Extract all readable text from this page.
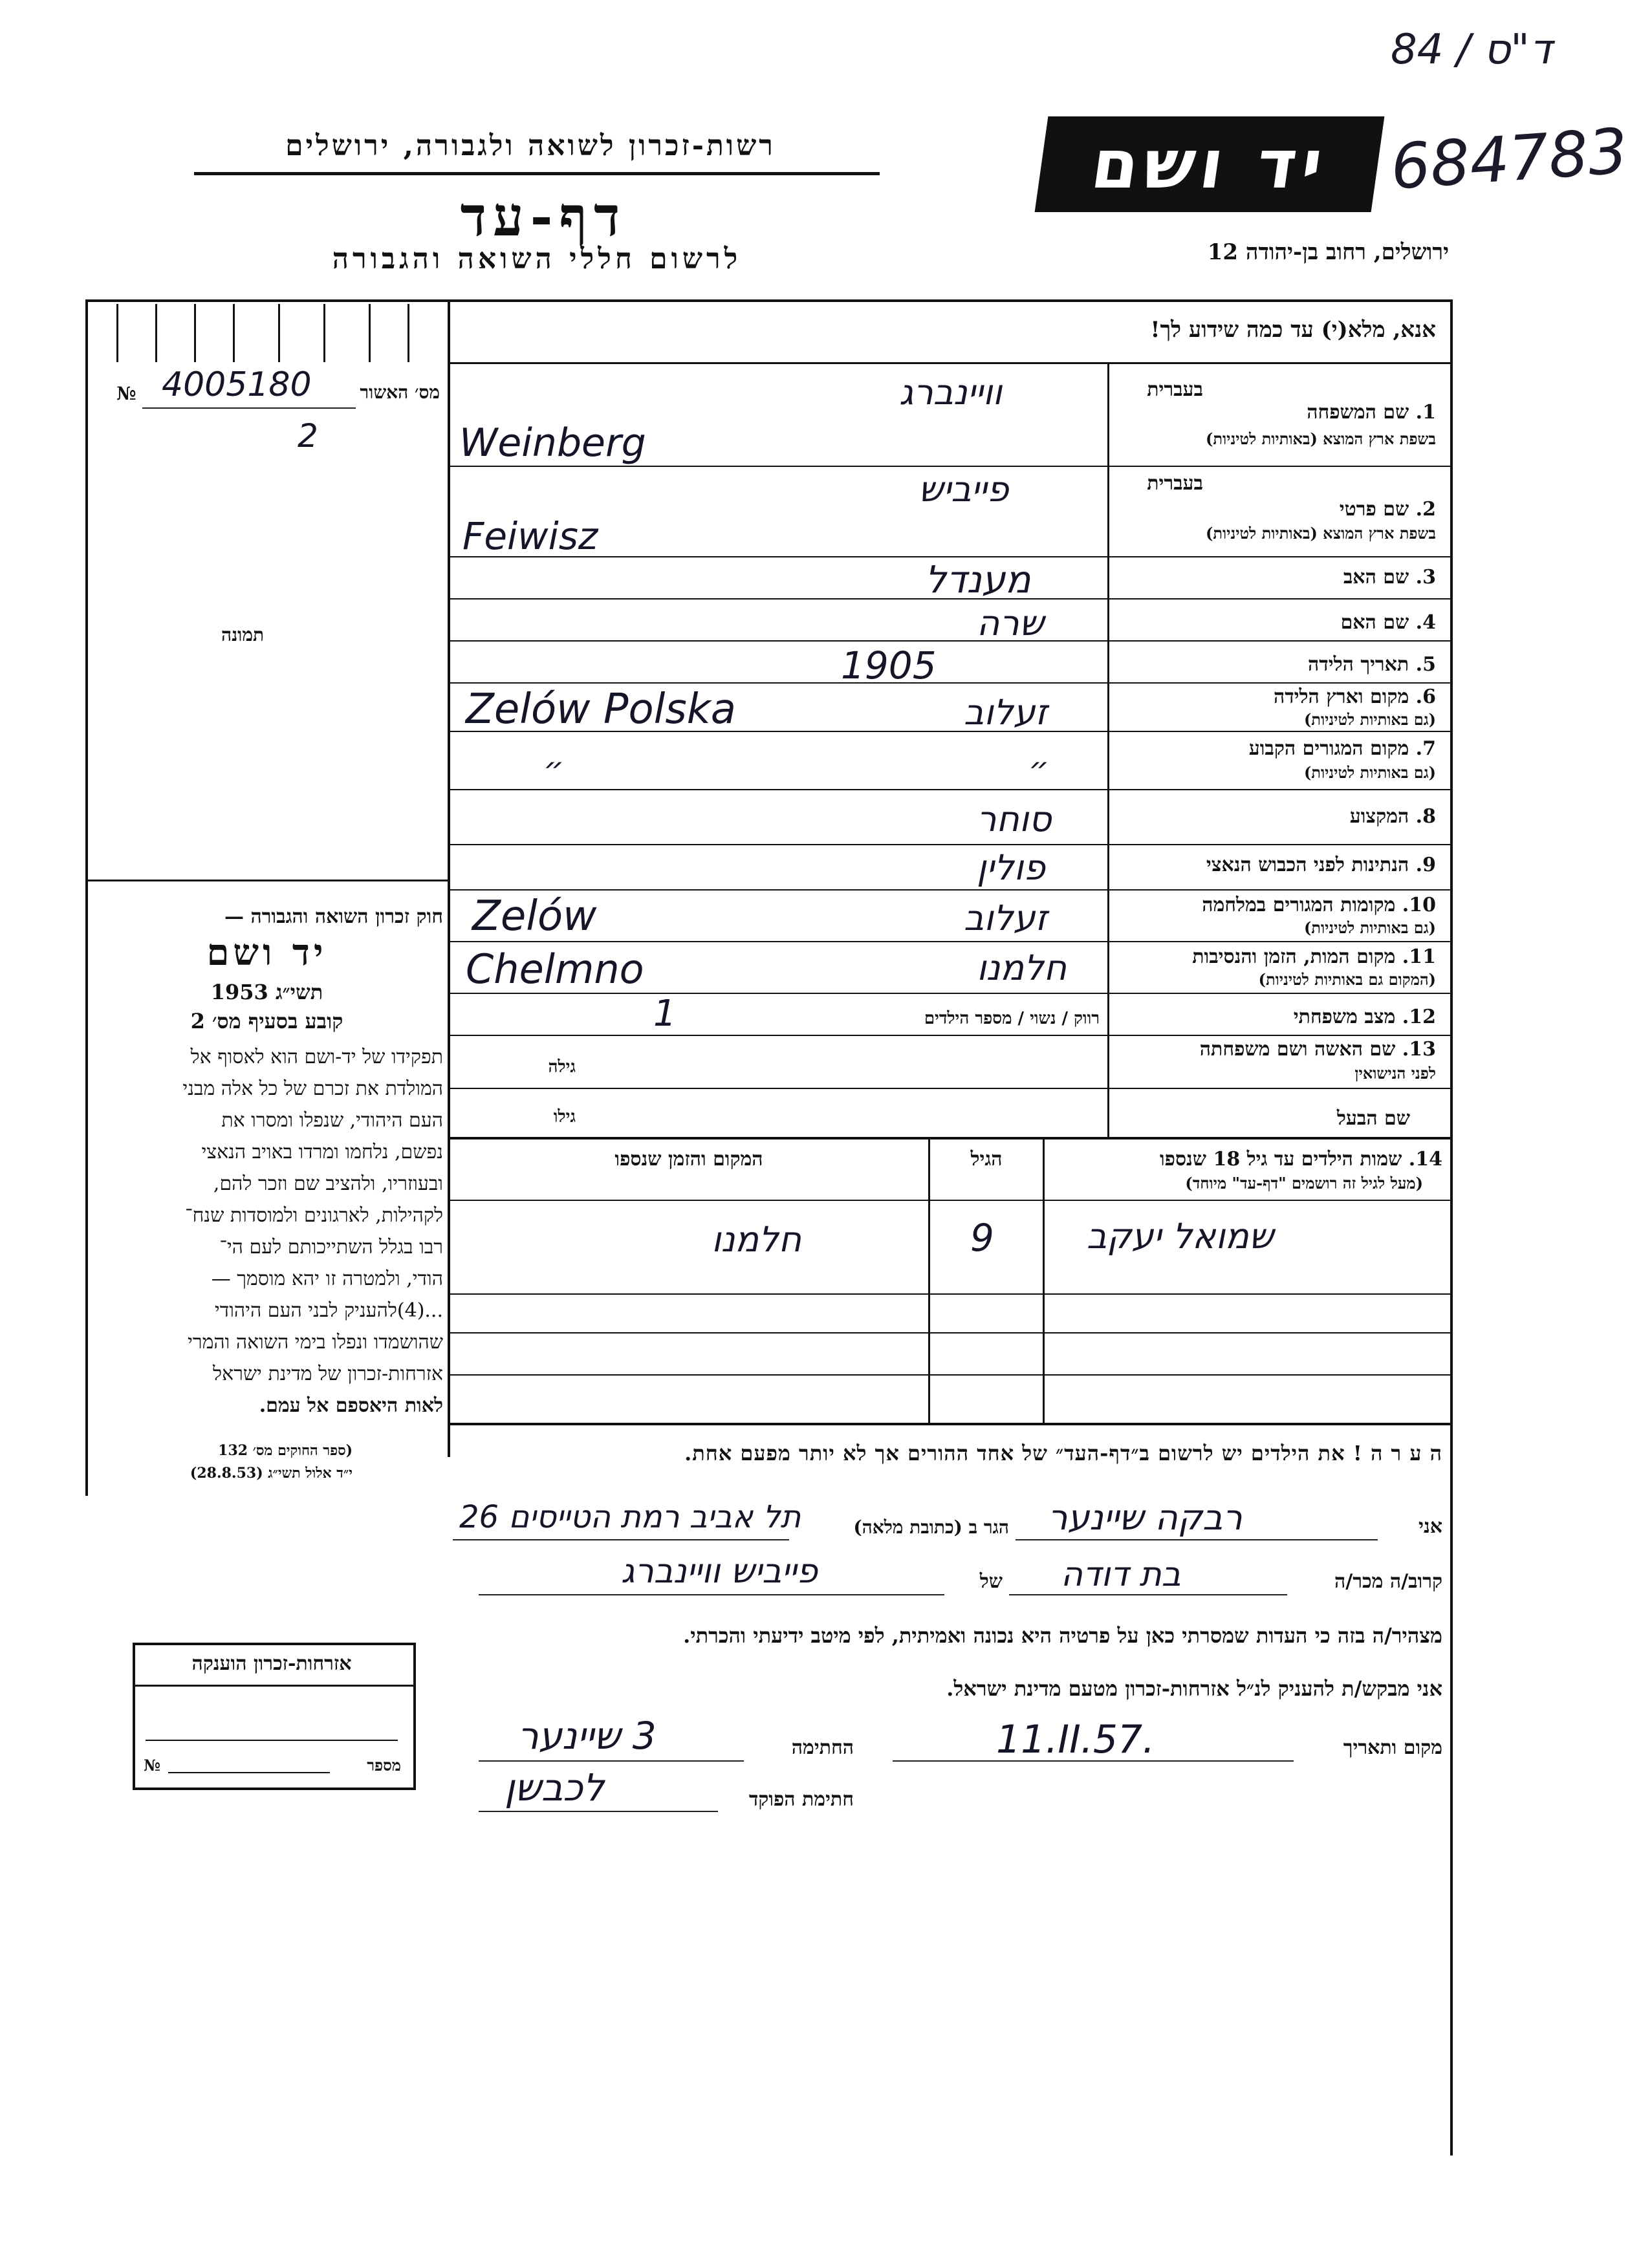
84 / ד"ס
684783
רשות-זכרון לשואה ולגבורה, ירושלים
דף-עד
לרשום חללי השואה והגבורה
יד ושם
ירושלים, רחוב בן-יהודה 12
מס׳ האשור
№ 4005180
2
תמונה
חוק זכרון השואה והגבורה —
יד ושם
תשי״ג 1953
קובע בסעיף מס׳ 2
תפקידו של יד-ושם הוא לאסוף אל
המולדת את זכרם של כל אלה מבני
העם היהודי, שנפלו ומסרו את
נפשם, נלחמו ומרדו באויב הנאצי
ובעוזריו, ולהציב שם וזכר להם,
לקהילות, לארגונים ולמוסדות שנח־
רבו בגלל השתייכותם לעם הי־
הודי, ולמטרה זו יהא מוסמך —
...(4)להעניק לבני העם היהודי
שהושמדו ונפלו בימי השואה והמרי
אזרחות-זכרון של מדינת ישראל
לאות היאספם אל עמם.
(ספר החוקים מס׳ 132
י״ד אלול תשי״ג (28.8.53)
אזרחות-זכרון הוענקה
מספר
№
אנא, מלא(י) עד כמה שידוע לך!
בעברית
1. שם המשפחה
בשפת ארץ המוצא (באותיות לטיניות)
וויינברג
Weinberg
בעברית
2. שם פרטי
בשפת ארץ המוצא (באותיות לטיניות)
פייביש
Feiwisz
3. שם האב
מענדל
4. שם האם
שרה
5. תאריך הלידה
1905
6. מקום וארץ הלידה
(גם באותיות לטיניות)
זעלוב
Zelów Polska
7. מקום המגורים הקבוע
(גם באותיות לטיניות)
״
״
8. המקצוע
סוחר
9. הנתינות לפני הכבוש הנאצי
פולין
10. מקומות המגורים במלחמה
(גם באותיות לטיניות)
זעלוב
Zelów
11. מקום המות, הזמן והנסיבות
(המקום גם באותיות לטיניות)
חלמנו
Chelmno
12. מצב משפחתי
רווק / נשוי / מספר הילדים
1
13. שם האשה ושם משפחתה
לפני הנישואין
גילה
שם הבעל
גילו
14. שמות הילדים עד גיל 18 שנספו
(מעל לגיל זה רושמים "דף-עד" מיוחד)
הגיל
המקום והזמן שנספו
שמואל יעקב
9
חלמנו
ה ע ר ה ! את הילדים יש לרשום ב״דף-העד״ של אחד ההורים אך לא יותר מפעם אחת.
אני
רבקה שיינער
הגר ב (כתובת מלאה)
תל אביב רמת הטייסים 26
קרוב/ה מכר/ה
בת דודה
של
פייביש וויינברג
מצהיר/ה בזה כי העדות שמסרתי כאן על פרטיה היא נכונה ואמיתית, לפי מיטב ידיעתי והכרתי.
אני מבקש/ת להעניק לנ״ל אזרחות-זכרון מטעם מדינת ישראל.
מקום ותאריך
11.II.57.
החתימה
3 שיינער
חתימת הפוקד
לכבשן
